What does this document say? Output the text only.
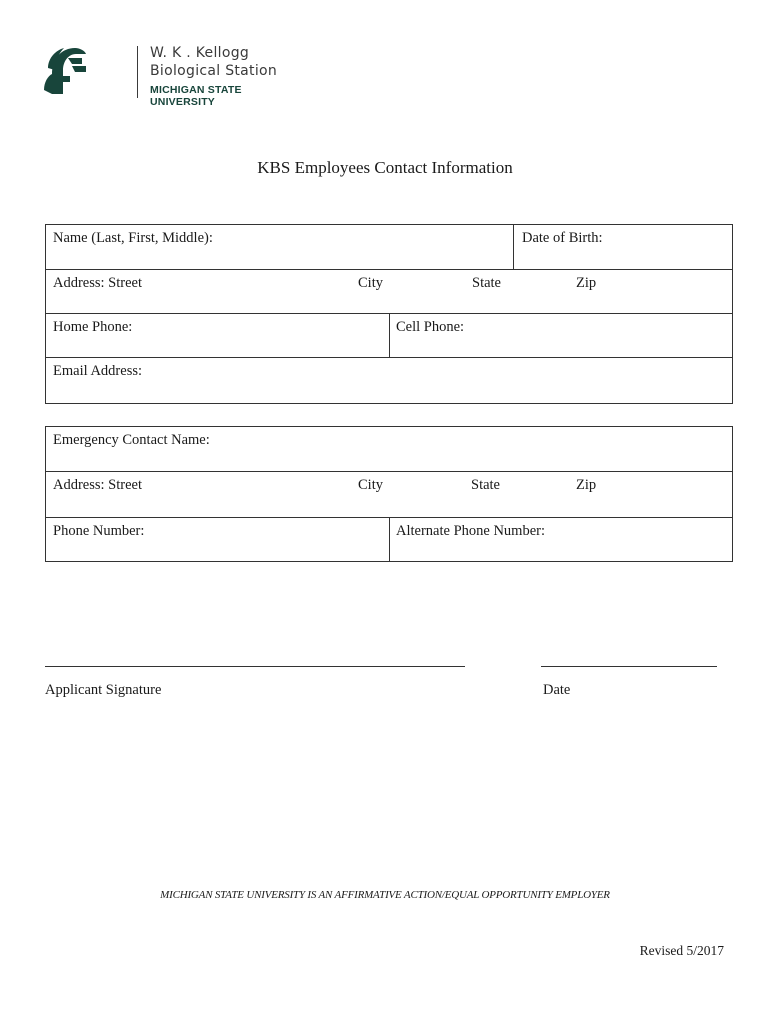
W. K . Kellogg
Biological Station
MICHIGAN STATE UNIVERSITY
KBS Employees Contact Information
Name (Last, First, Middle):	Date of Birth:
Address: Street	City	State	Zip
Home Phone:	Cell Phone:
Email Address:
Emergency Contact Name:
Address: Street	City	State	Zip
Phone Number:	Alternate Phone Number:
Applicant Signature	Date
MICHIGAN STATE UNIVERSITY IS AN AFFIRMATIVE ACTION/EQUAL OPPORTUNITY EMPLOYER
Revised 5/2017
